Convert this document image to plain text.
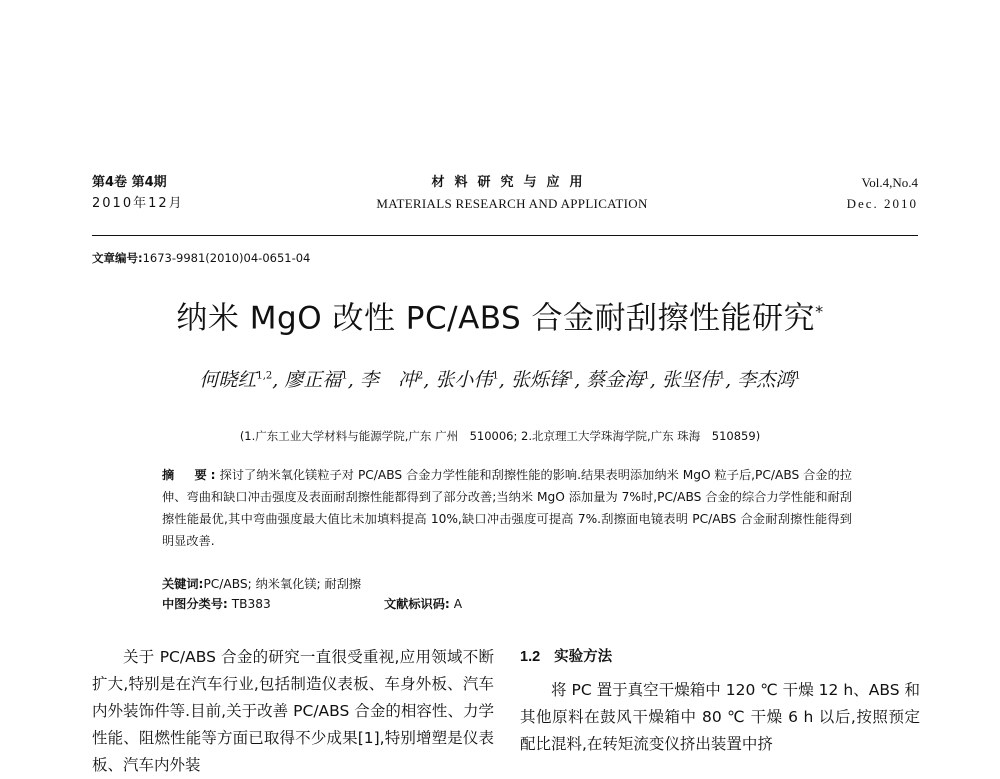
第4卷 第4期
2010年12月
材料研究与应用
MATERIALS RESEARCH AND APPLICATION
Vol.4,No.4
Dec. 2010
文章编号:1673-9981(2010)04-0651-04
纳米 MgO 改性 PC/ABS 合金耐刮擦性能研究*
何晓红$^{1,2}$, 廖正福$^1$, 李　冲$^2$, 张小伟$^1$, 张烁锋$^1$, 蔡金海$^1$, 张坚伟$^1$, 李杰鸿$^1$
(1.广东工业大学材料与能源学院,广东 广州　510006; 2.北京理工大学珠海学院,广东 珠海　510859)
摘　要:探讨了纳米氧化镁粒子对 PC/ABS 合金力学性能和刮擦性能的影响.结果表明添加纳米 MgO 粒子后,PC/ABS 合金的拉伸、弯曲和缺口冲击强度及表面耐刮擦性能都得到了部分改善;当纳米 MgO 添加量为 7%时,PC/ABS 合金的综合力学性能和耐刮擦性能最优,其中弯曲强度最大值比未加填料提高 10%,缺口冲击强度可提高 7%.刮擦面电镜表明 PC/ABS 合金耐刮擦性能得到明显改善.
关键词:PC/ABS; 纳米氧化镁; 耐刮擦
中图分类号: TB383	文献标识码: A

关于 PC/ABS 合金的研究一直很受重视,应用领域不断扩大,特别是在汽车行业,包括制造仪表板、车身外板、汽车内外装饰件等.目前,关于改善 PC/ABS 合金的相容性、力学性能、阻燃性能等方面已取得不少成果[1],特别增塑是仪表板、汽车内外装

1.2 实验方法

将 PC 置于真空干燥箱中 120 ℃ 干燥 12 h、ABS 和其他原料在鼓风干燥箱中 80 ℃ 干燥 6 h 以后,按照预定配比混料,在转矩流变仪挤出装置中挤
